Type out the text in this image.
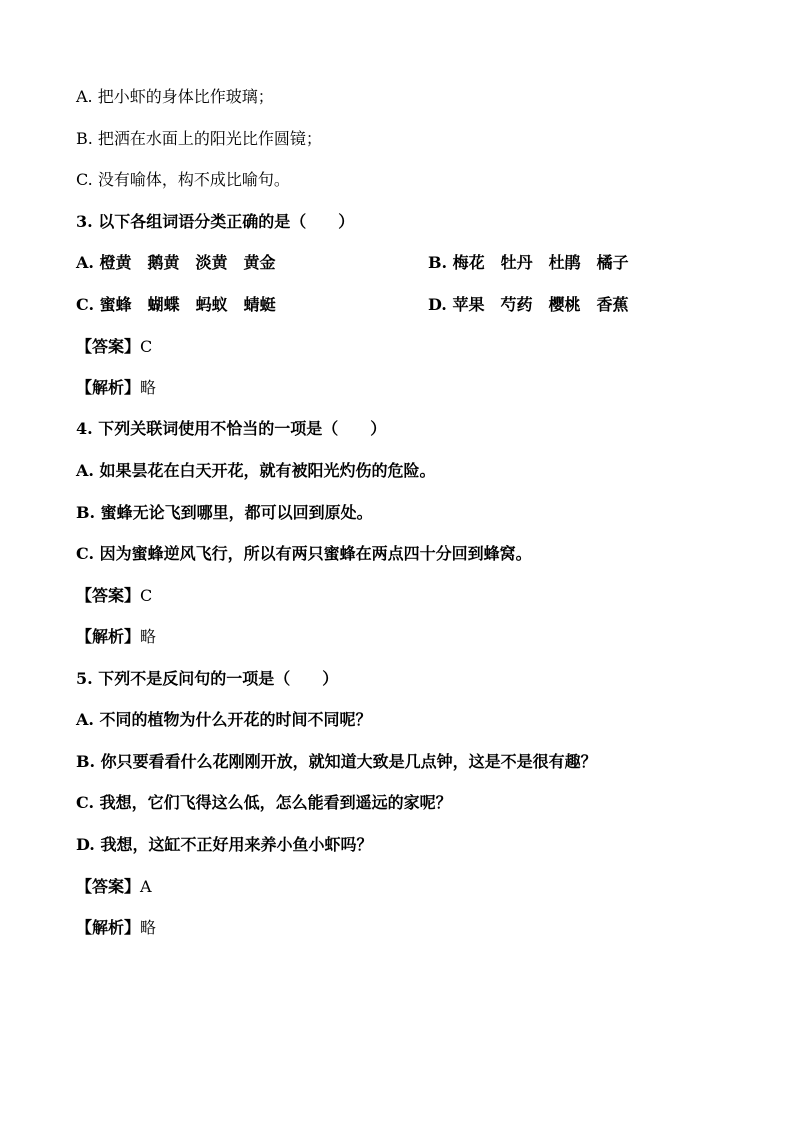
A. 把小虾的身体比作玻璃；
B. 把洒在水面上的阳光比作圆镜；
C. 没有喻体，构不成比喻句。
3. 以下各组词语分类正确的是（　　）
A. 橙黄　鹅黄　淡黄　黄金	B. 梅花　牡丹　杜鹃　橘子
C. 蜜蜂　蝴蝶　蚂蚁　蜻蜓	D. 苹果　芍药　樱桃　香蕉
【答案】C
【解析】略
4. 下列关联词使用不恰当的一项是（　　）
A. 如果昙花在白天开花，就有被阳光灼伤的危险。
B. 蜜蜂无论飞到哪里，都可以回到原处。
C. 因为蜜蜂逆风飞行，所以有两只蜜蜂在两点四十分回到蜂窝。
【答案】C
【解析】略
5. 下列不是反问句的一项是（　　）
A. 不同的植物为什么开花的时间不同呢？
B. 你只要看看什么花刚刚开放，就知道大致是几点钟，这是不是很有趣？
C. 我想，它们飞得这么低，怎么能看到遥远的家呢？
D. 我想，这缸不正好用来养小鱼小虾吗？
【答案】A
【解析】略
